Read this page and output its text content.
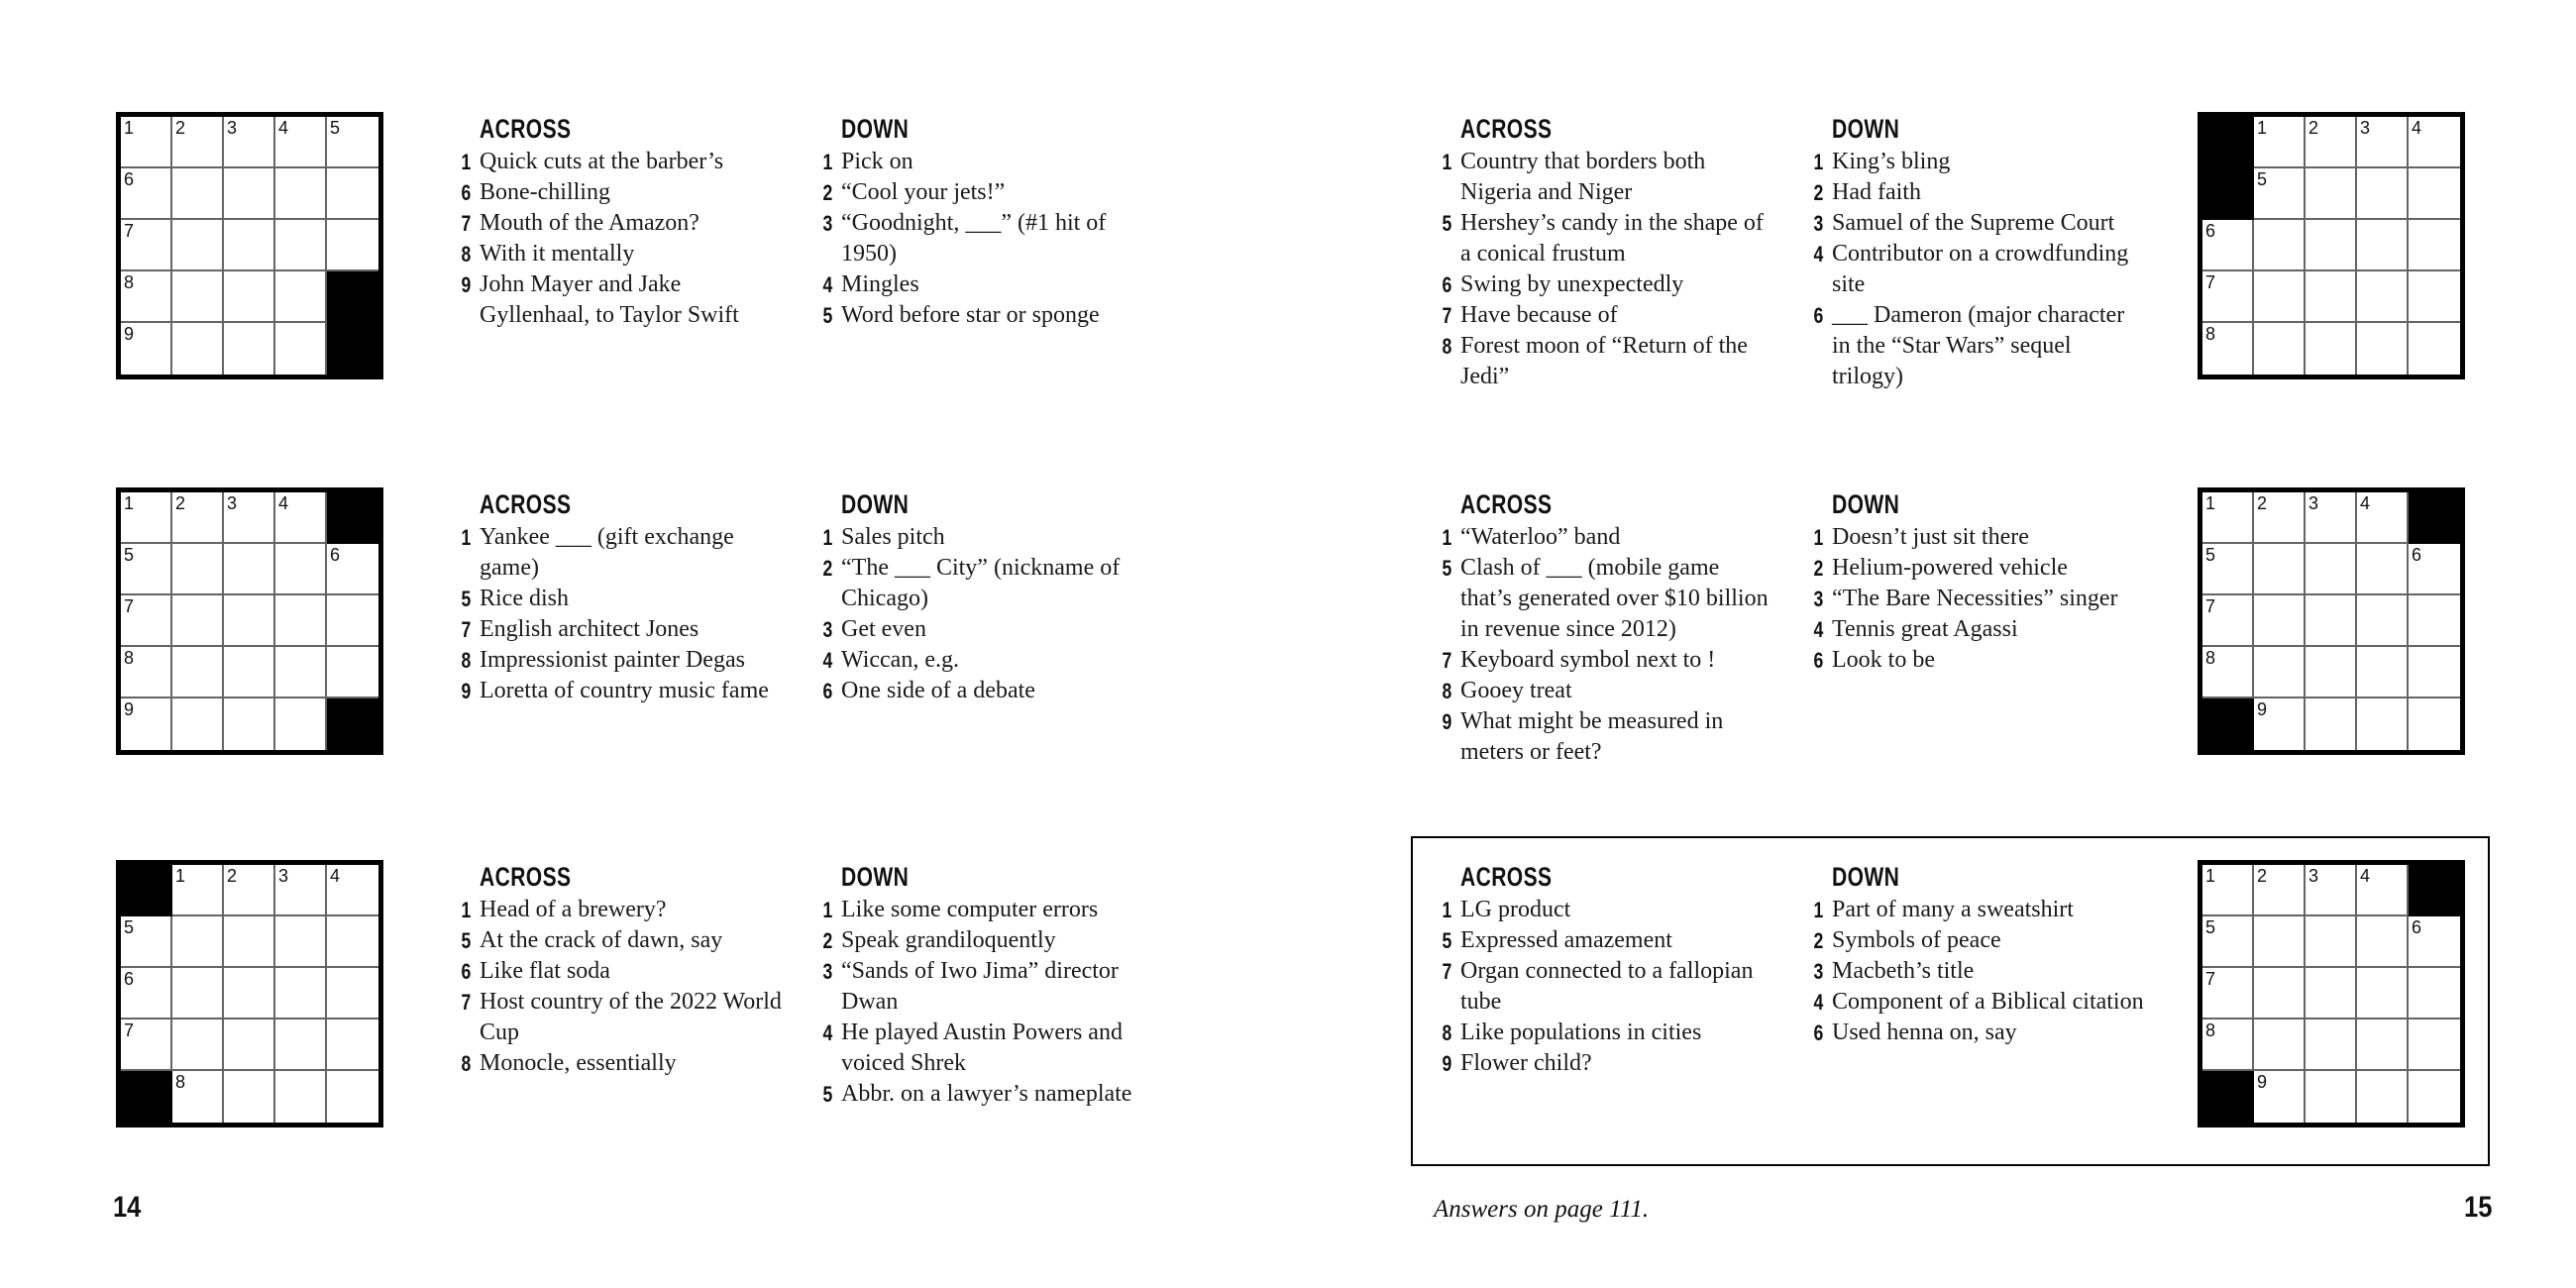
14	Answers on page 111.	15
1 2 3 4 5
6
7
8
9
ACROSS
1 Quick cuts at the barber’s
6 Bone-chilling
7 Mouth of the Amazon?
8 With it mentally
9 John Mayer and Jake Gyllenhaal, to Taylor Swift
DOWN
1 Pick on
2 “Cool your jets!”
3 “Goodnight, ___” (#1 hit of 1950)
4 Mingles
5 Word before star or sponge
1 2 3 4
5	6
7
8
9
ACROSS
1 Yankee ___ (gift exchange game)
5 Rice dish
7 English architect Jones
8 Impressionist painter Degas
9 Loretta of country music fame
DOWN
1 Sales pitch
2 “The ___ City” (nickname of Chicago)
3 Get even
4 Wiccan, e.g.
6 One side of a debate
1 2 3 4
5
6
7
8
ACROSS
1 Head of a brewery?
5 At the crack of dawn, say
6 Like flat soda
7 Host country of the 2022 World Cup
8 Monocle, essentially
DOWN
1 Like some computer errors
2 Speak grandiloquently
3 “Sands of Iwo Jima” director Dwan
4 He played Austin Powers and voiced Shrek
5 Abbr. on a lawyer’s nameplate
1 2 3 4
5
6
7
8
ACROSS
1 Country that borders both Nigeria and Niger
5 Hershey’s candy in the shape of a conical frustum
6 Swing by unexpectedly
7 Have because of
8 Forest moon of “Return of the Jedi”
DOWN
1 King’s bling
2 Had faith
3 Samuel of the Supreme Court
4 Contributor on a crowdfunding site
6 ___ Dameron (major character in the “Star Wars” sequel trilogy)
1 2 3 4
5	6
7
8
9
ACROSS
1 “Waterloo” band
5 Clash of ___ (mobile game that’s generated over $10 billion in revenue since 2012)
7 Keyboard symbol next to !
8 Gooey treat
9 What might be measured in meters or feet?
DOWN
1 Doesn’t just sit there
2 Helium-powered vehicle
3 “The Bare Necessities” singer
4 Tennis great Agassi
6 Look to be
1 2 3 4
5	6
7
8
9
ACROSS
1 LG product
5 Expressed amazement
7 Organ connected to a fallopian tube
8 Like populations in cities
9 Flower child?
DOWN
1 Part of many a sweatshirt
2 Symbols of peace
3 Macbeth’s title
4 Component of a Biblical citation
6 Used henna on, say
